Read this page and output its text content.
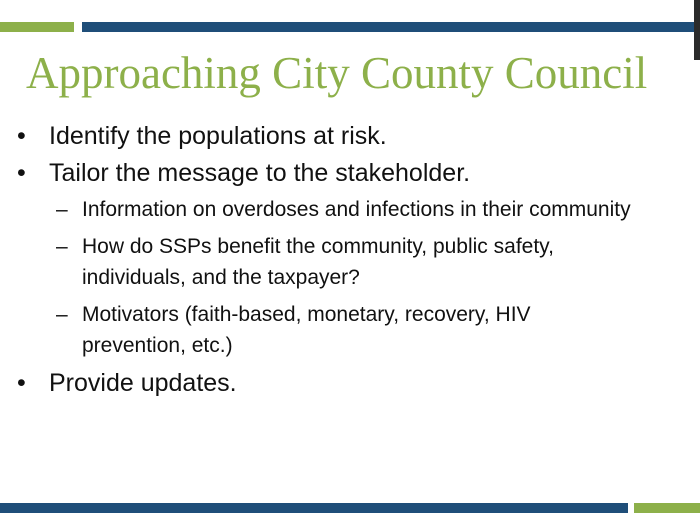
Approaching City County Council
• Identify the populations at risk.
• Tailor the message to the stakeholder.
– Information on overdoses and infections in their community
– How do SSPs benefit the community, public safety, individuals, and the taxpayer?
– Motivators (faith-based, monetary, recovery, HIV prevention, etc.)
• Provide updates.
